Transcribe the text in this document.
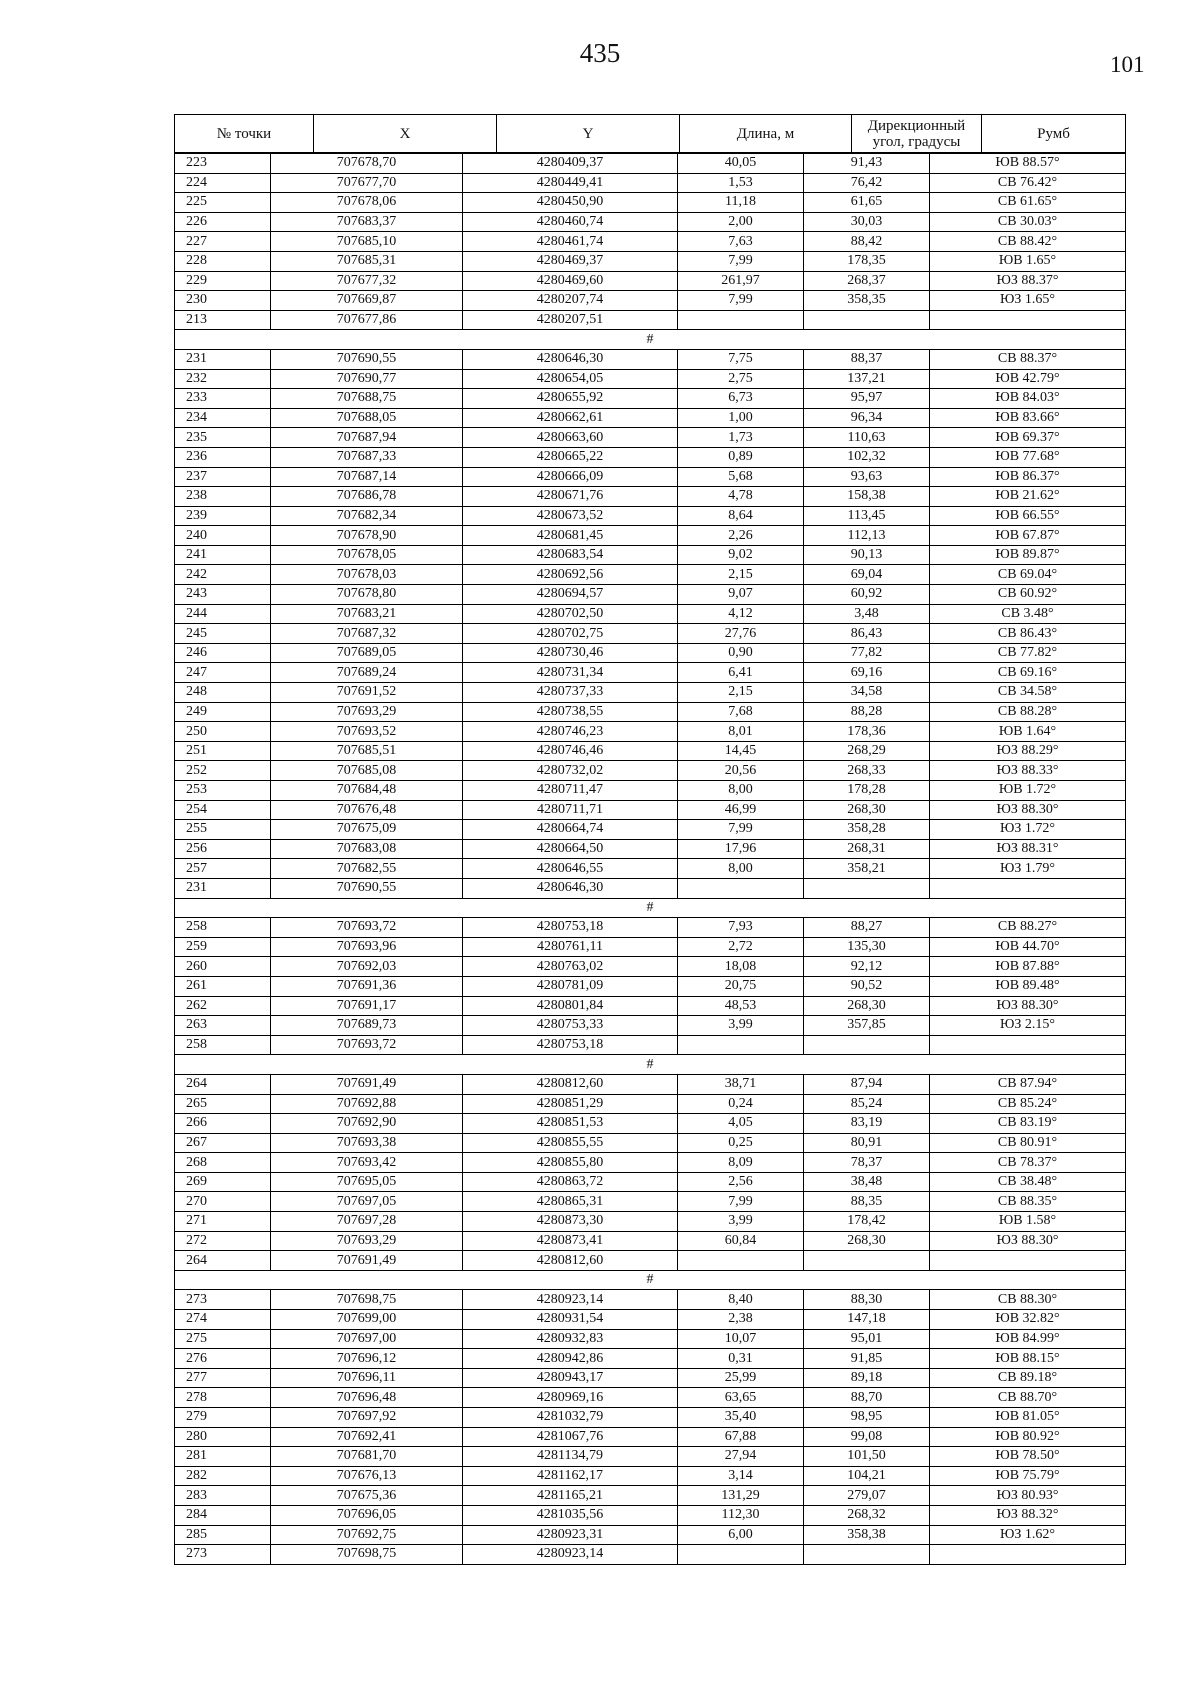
435	101
№ точки	X	Y	Длина, м	Дирекционный угол, градусы	Румб
223	707678,70	4280409,37	40,05	91,43	ЮВ 88.57°
224	707677,70	4280449,41	1,53	76,42	СВ 76.42°
225	707678,06	4280450,90	11,18	61,65	СВ 61.65°
226	707683,37	4280460,74	2,00	30,03	СВ 30.03°
227	707685,10	4280461,74	7,63	88,42	СВ 88.42°
228	707685,31	4280469,37	7,99	178,35	ЮВ 1.65°
229	707677,32	4280469,60	261,97	268,37	ЮЗ 88.37°
230	707669,87	4280207,74	7,99	358,35	ЮЗ 1.65°
213	707677,86	4280207,51			
#					
231	707690,55	4280646,30	7,75	88,37	СВ 88.37°
232	707690,77	4280654,05	2,75	137,21	ЮВ 42.79°
233	707688,75	4280655,92	6,73	95,97	ЮВ 84.03°
234	707688,05	4280662,61	1,00	96,34	ЮВ 83.66°
235	707687,94	4280663,60	1,73	110,63	ЮВ 69.37°
236	707687,33	4280665,22	0,89	102,32	ЮВ 77.68°
237	707687,14	4280666,09	5,68	93,63	ЮВ 86.37°
238	707686,78	4280671,76	4,78	158,38	ЮВ 21.62°
239	707682,34	4280673,52	8,64	113,45	ЮВ 66.55°
240	707678,90	4280681,45	2,26	112,13	ЮВ 67.87°
241	707678,05	4280683,54	9,02	90,13	ЮВ 89.87°
242	707678,03	4280692,56	2,15	69,04	СВ 69.04°
243	707678,80	4280694,57	9,07	60,92	СВ 60.92°
244	707683,21	4280702,50	4,12	3,48	СВ 3.48°
245	707687,32	4280702,75	27,76	86,43	СВ 86.43°
246	707689,05	4280730,46	0,90	77,82	СВ 77.82°
247	707689,24	4280731,34	6,41	69,16	СВ 69.16°
248	707691,52	4280737,33	2,15	34,58	СВ 34.58°
249	707693,29	4280738,55	7,68	88,28	СВ 88.28°
250	707693,52	4280746,23	8,01	178,36	ЮВ 1.64°
251	707685,51	4280746,46	14,45	268,29	ЮЗ 88.29°
252	707685,08	4280732,02	20,56	268,33	ЮЗ 88.33°
253	707684,48	4280711,47	8,00	178,28	ЮВ 1.72°
254	707676,48	4280711,71	46,99	268,30	ЮЗ 88.30°
255	707675,09	4280664,74	7,99	358,28	ЮЗ 1.72°
256	707683,08	4280664,50	17,96	268,31	ЮЗ 88.31°
257	707682,55	4280646,55	8,00	358,21	ЮЗ 1.79°
231	707690,55	4280646,30			
#					
258	707693,72	4280753,18	7,93	88,27	СВ 88.27°
259	707693,96	4280761,11	2,72	135,30	ЮВ 44.70°
260	707692,03	4280763,02	18,08	92,12	ЮВ 87.88°
261	707691,36	4280781,09	20,75	90,52	ЮВ 89.48°
262	707691,17	4280801,84	48,53	268,30	ЮЗ 88.30°
263	707689,73	4280753,33	3,99	357,85	ЮЗ 2.15°
258	707693,72	4280753,18			
#					
264	707691,49	4280812,60	38,71	87,94	СВ 87.94°
265	707692,88	4280851,29	0,24	85,24	СВ 85.24°
266	707692,90	4280851,53	4,05	83,19	СВ 83.19°
267	707693,38	4280855,55	0,25	80,91	СВ 80.91°
268	707693,42	4280855,80	8,09	78,37	СВ 78.37°
269	707695,05	4280863,72	2,56	38,48	СВ 38.48°
270	707697,05	4280865,31	7,99	88,35	СВ 88.35°
271	707697,28	4280873,30	3,99	178,42	ЮВ 1.58°
272	707693,29	4280873,41	60,84	268,30	ЮЗ 88.30°
264	707691,49	4280812,60			
#					
273	707698,75	4280923,14	8,40	88,30	СВ 88.30°
274	707699,00	4280931,54	2,38	147,18	ЮВ 32.82°
275	707697,00	4280932,83	10,07	95,01	ЮВ 84.99°
276	707696,12	4280942,86	0,31	91,85	ЮВ 88.15°
277	707696,11	4280943,17	25,99	89,18	СВ 89.18°
278	707696,48	4280969,16	63,65	88,70	СВ 88.70°
279	707697,92	4281032,79	35,40	98,95	ЮВ 81.05°
280	707692,41	4281067,76	67,88	99,08	ЮВ 80.92°
281	707681,70	4281134,79	27,94	101,50	ЮВ 78.50°
282	707676,13	4281162,17	3,14	104,21	ЮВ 75.79°
283	707675,36	4281165,21	131,29	279,07	ЮЗ 80.93°
284	707696,05	4281035,56	112,30	268,32	ЮЗ 88.32°
285	707692,75	4280923,31	6,00	358,38	ЮЗ 1.62°
273	707698,75	4280923,14			
